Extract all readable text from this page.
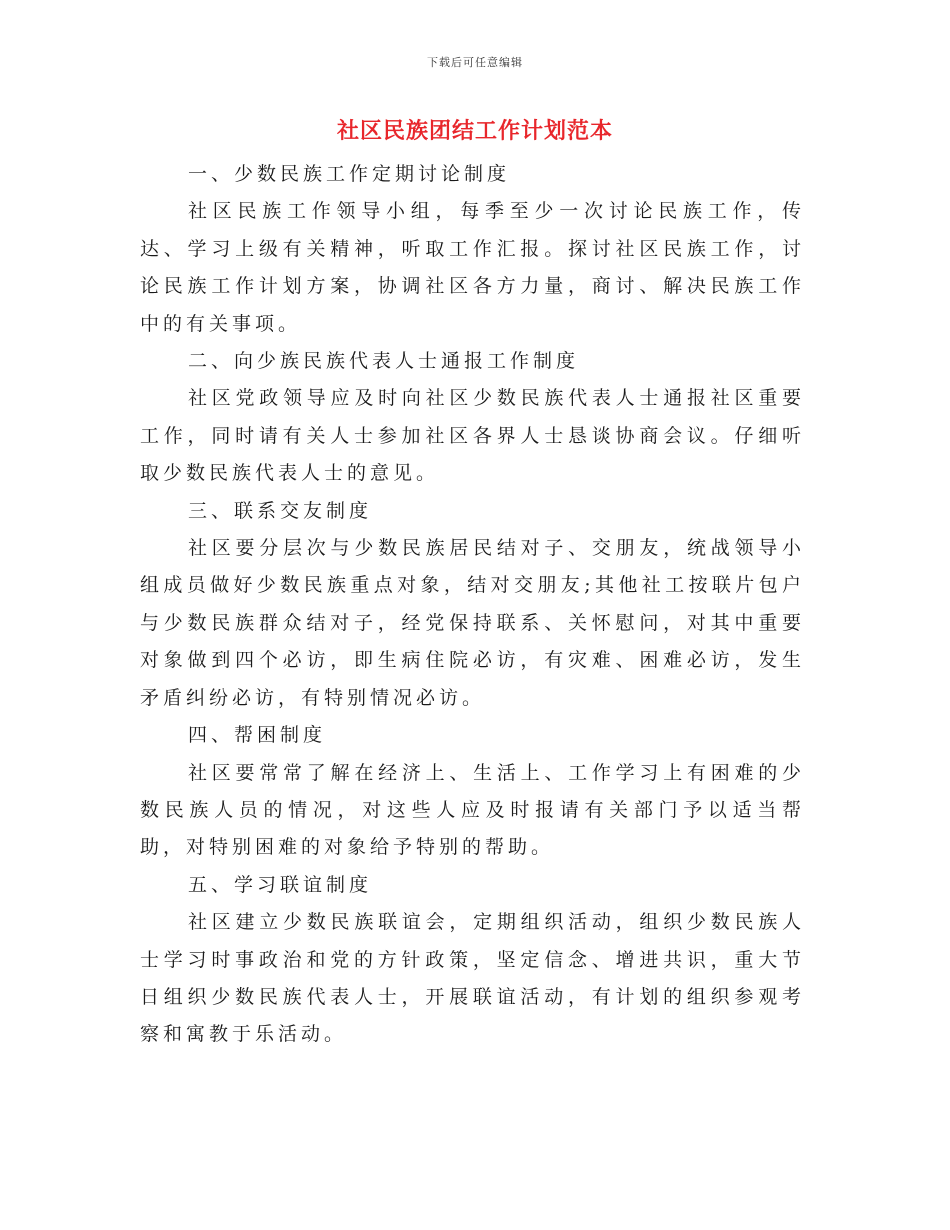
下载后可任意编辑
社区民族团结工作计划范本

一、少数民族工作定期讨论制度

社区民族工作领导小组，每季至少一次讨论民族工作，传达、学习上级有关精神，听取工作汇报。探讨社区民族工作，讨论民族工作计划方案，协调社区各方力量，商讨、解决民族工作中的有关事项。

二、向少族民族代表人士通报工作制度

社区党政领导应及时向社区少数民族代表人士通报社区重要工作，同时请有关人士参加社区各界人士恳谈协商会议。仔细听取少数民族代表人士的意见。

三、联系交友制度

社区要分层次与少数民族居民结对子、交朋友，统战领导小组成员做好少数民族重点对象，结对交朋友;其他社工按联片包户与少数民族群众结对子，经党保持联系、关怀慰问，对其中重要对象做到四个必访，即生病住院必访，有灾难、困难必访，发生矛盾纠纷必访，有特别情况必访。

四、帮困制度

社区要常常了解在经济上、生活上、工作学习上有困难的少数民族人员的情况，对这些人应及时报请有关部门予以适当帮助，对特别困难的对象给予特别的帮助。

五、学习联谊制度

社区建立少数民族联谊会，定期组织活动，组织少数民族人士学习时事政治和党的方针政策，坚定信念、增进共识，重大节日组织少数民族代表人士，开展联谊活动，有计划的组织参观考察和寓教于乐活动。
